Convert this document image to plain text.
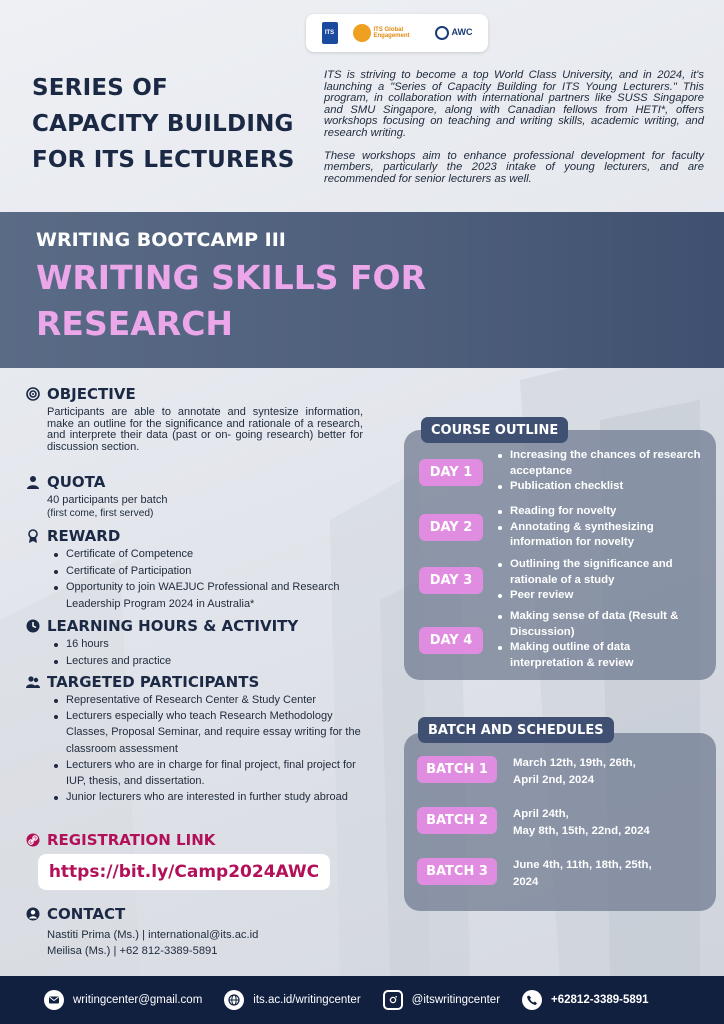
ITS
ITS Global Engagement	AWC
SERIES OF CAPACITY BUILDING FOR ITS LECTURERS

ITS is striving to become a top World Class University, and in 2024, it's launching a "Series of Capacity Building for ITS Young Lecturers." This program, in collaboration with international partners like SUSS Singapore and SMU Singapore, along with Canadian fellows from HETI*, offers workshops focusing on teaching and writing skills, academic writing, and research writing.

These workshops aim to enhance professional development for faculty members, particularly the 2023 intake of young lecturers, and are recommended for senior lecturers as well.

WRITING BOOTCAMP III
WRITING SKILLS FOR RESEARCH
OBJECTIVE

Participants are able to annotate and syntesize information, make an outline for the significance and rationale of a research, and interprete their data (past or on- going research) better for discussion section.

QUOTA

40 participants per batch

(first come, first served)

REWARD
Certificate of Competence
Certificate of Participation
Opportunity to join WAEJUC Professional and Research Leadership Program 2024 in Australia*
LEARNING HOURS & ACTIVITY
16 hours
Lectures and practice
TARGETED PARTICIPANTS
Representative of Research Center & Study Center
Lecturers especially who teach Research Methodology Classes, Proposal Seminar, and require essay writing for the classroom assessment
Lecturers who are in charge for final project, final project for IUP, thesis, and dissertation.
Junior lecturers who are interested in further study abroad
REGISTRATION LINK
https://bit.ly/Camp2024AWC
CONTACT

Nastiti Prima (Ms.) | international@its.ac.id

Meilisa (Ms.) | +62 812-3389-5891

COURSE OUTLINE
DAY 1
Increasing the chances of research acceptance
Publication checklist
DAY 2
Reading for novelty
Annotating & synthesizing information for novelty
DAY 3
Outlining the significance and rationale of a study
Peer review
DAY 4
Making sense of data (Result & Discussion)
Making outline of data interpretation & review
BATCH AND SCHEDULES
BATCH 1	March 12th, 19th, 26th,
April 2nd, 2024
BATCH 2	April 24th,
May 8th, 15th, 22nd, 2024
BATCH 3	June 4th, 11th, 18th, 25th,
2024
writingcenter@gmail.com	its.ac.id/writingcenter	@itswritingcenter	+62812-3389-5891
